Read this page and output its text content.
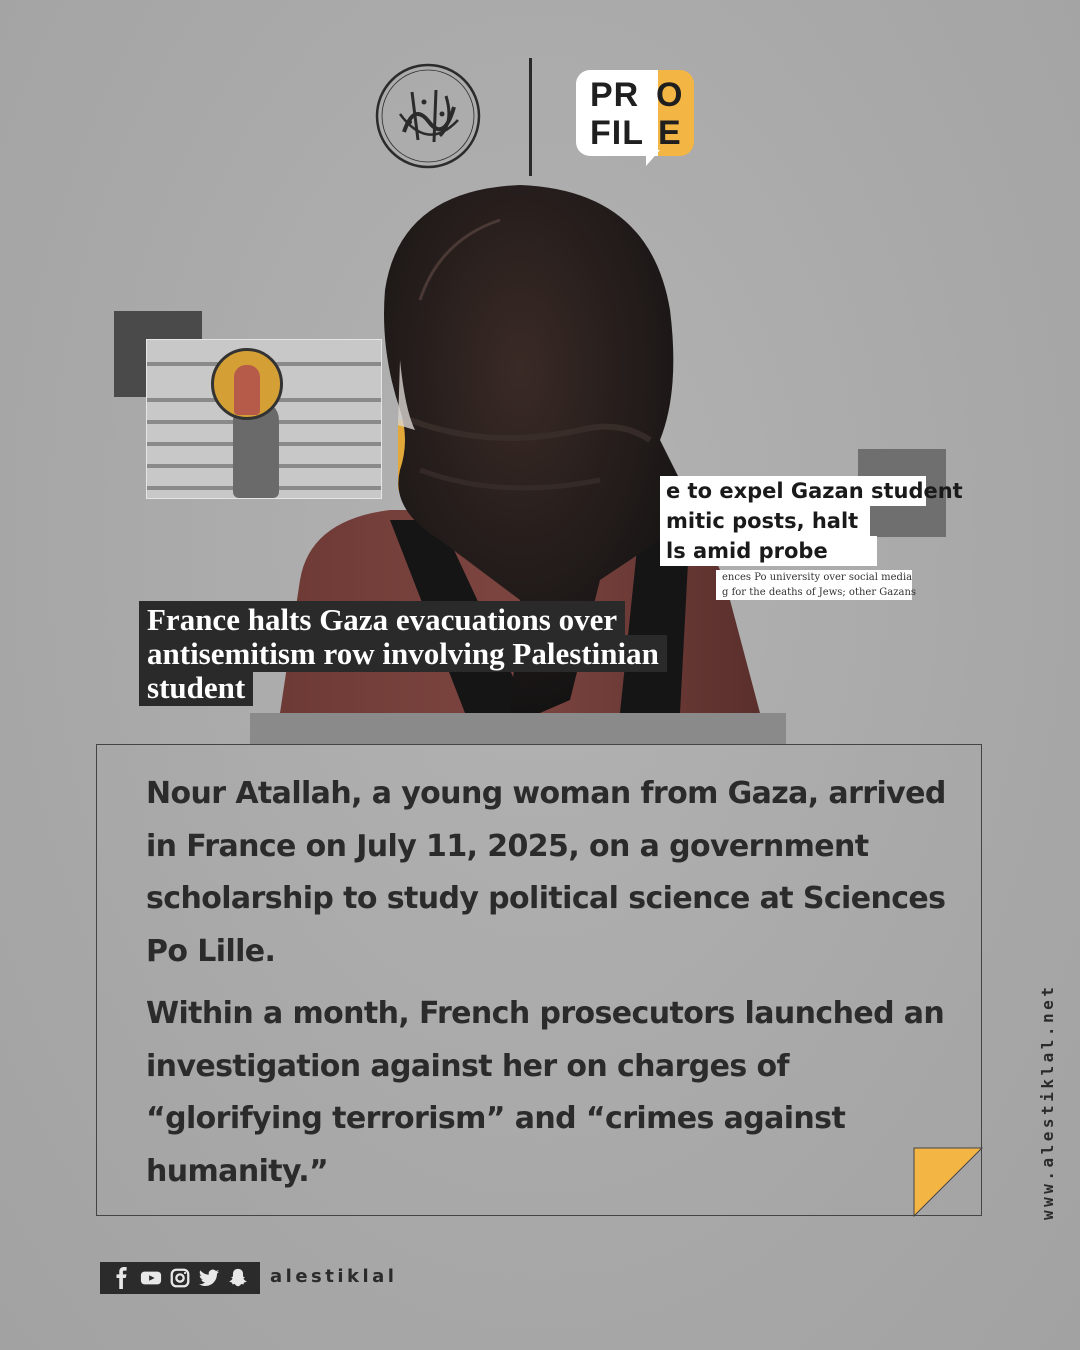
PR O
FIL E
e to expel Gazan student
mitic posts, halt
ls amid probe
ences Po university over social media
g for the deaths of Jews; other Gazans
France halts Gaza evacuations over antisemitism row involving Palestinian student

Nour Atallah, a young woman from Gaza, arrived in France on July 11, 2025, on a government scholarship to study political science at Sciences Po Lille.

Within a month, French prosecutors launched an investigation against her on charges of “glorifying terrorism” and “crimes against humanity.”	www.alestiklal.net
alestiklal
